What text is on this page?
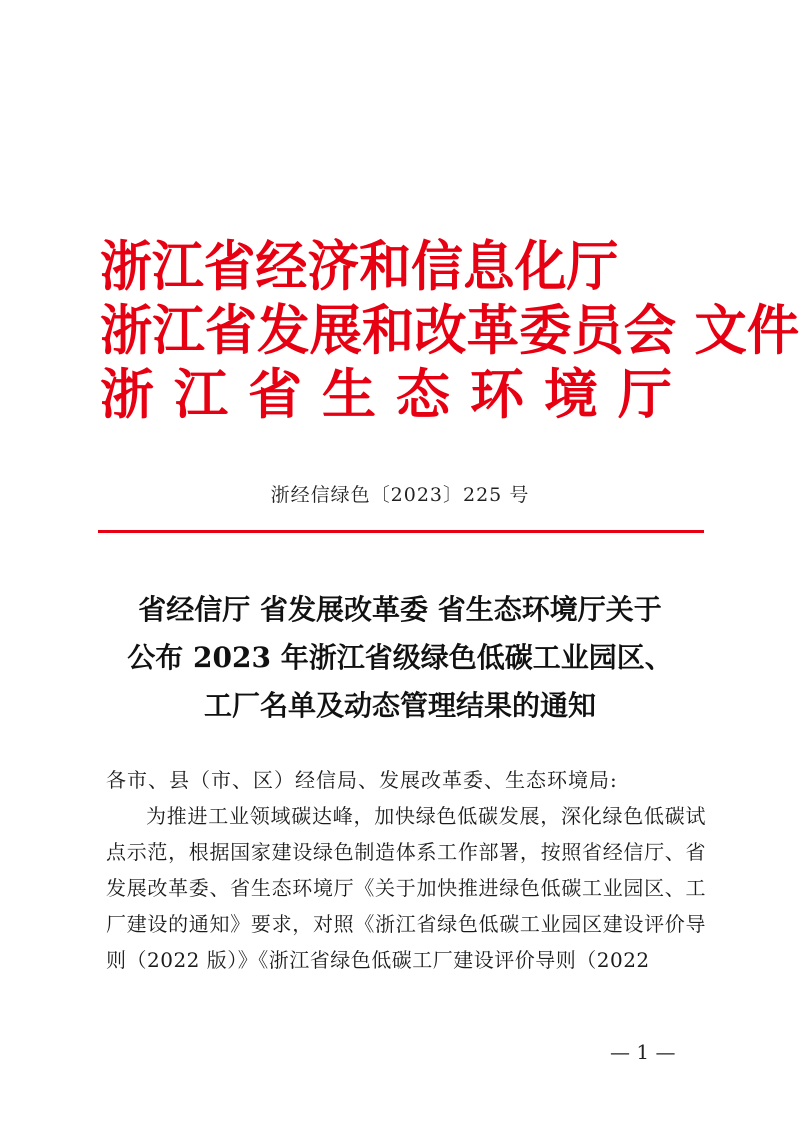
浙江省经济和信息化厅
浙江省发展和改革委员会 文件
浙江省生态环境厅
浙经信绿色〔2023〕225 号
省经信厅 省发展改革委 省生态环境厅关于
公布 2023 年浙江省级绿色低碳工业园区、
工厂名单及动态管理结果的通知
各市、县（市、区）经信局、发展改革委、生态环境局:
为推进工业领域碳达峰，加快绿色低碳发展，深化绿色低碳试点示范，根据国家建设绿色制造体系工作部署，按照省经信厅、省发展改革委、省生态环境厅《关于加快推进绿色低碳工业园区、工厂建设的通知》要求，对照《浙江省绿色低碳工业园区建设评价导则（2022 版）》《浙江省绿色低碳工厂建设评价导则（2022
— 1 —
